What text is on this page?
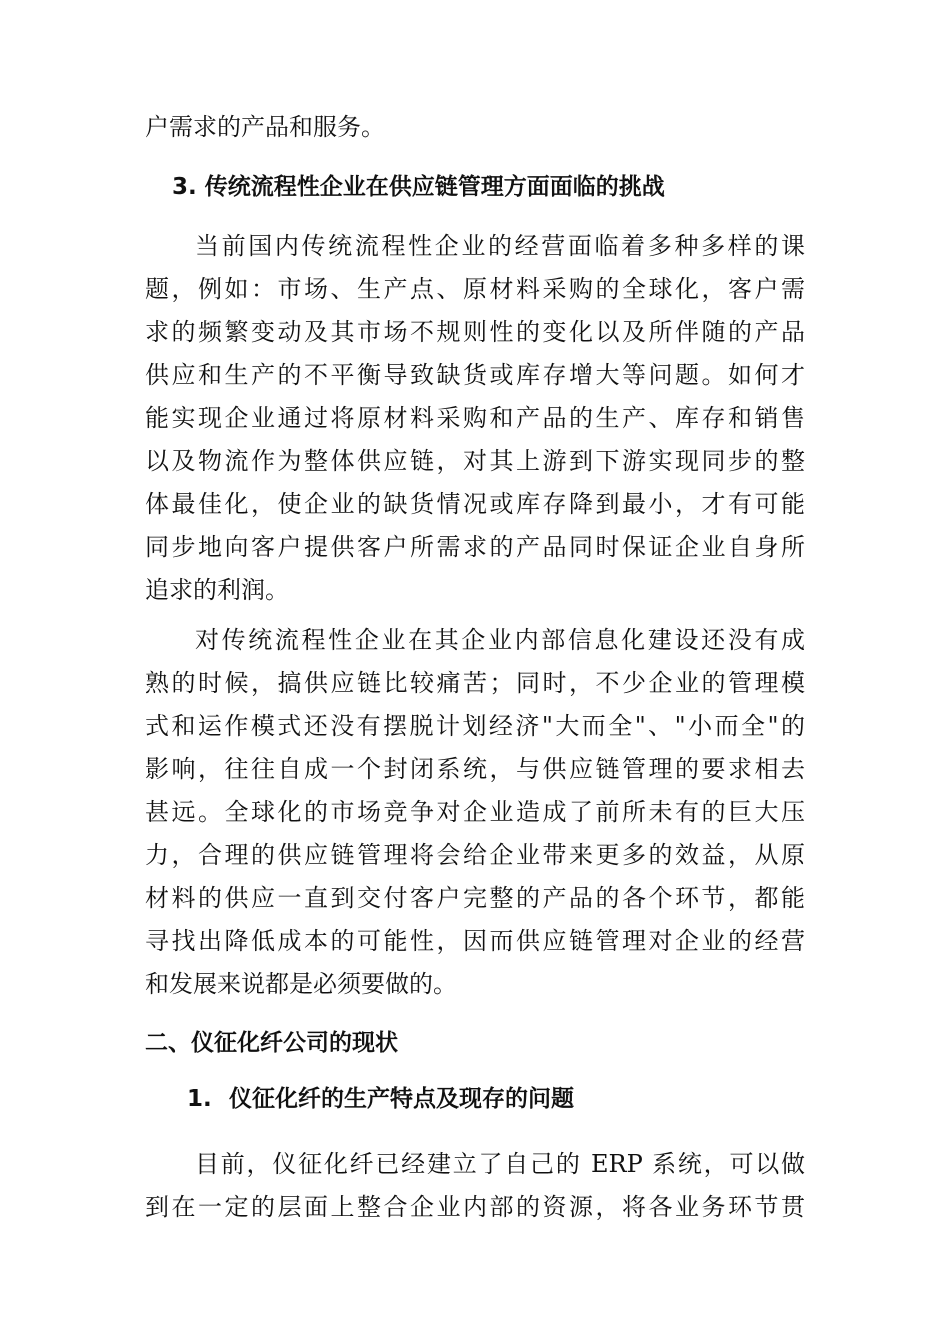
户需求的产品和服务。
3. 传统流程性企业在供应链管理方面面临的挑战
当前国内传统流程性企业的经营面临着多种多样的课
题，例如：市场、生产点、原材料采购的全球化，客户需
求的频繁变动及其市场不规则性的变化以及所伴随的产品
供应和生产的不平衡导致缺货或库存增大等问题。如何才
能实现企业通过将原材料采购和产品的生产、库存和销售
以及物流作为整体供应链，对其上游到下游实现同步的整
体最佳化，使企业的缺货情况或库存降到最小，才有可能
同步地向客户提供客户所需求的产品同时保证企业自身所
追求的利润。
对传统流程性企业在其企业内部信息化建设还没有成
熟的时候，搞供应链比较痛苦；同时，不少企业的管理模
式和运作模式还没有摆脱计划经济"大而全"、"小而全"的
影响，往往自成一个封闭系统，与供应链管理的要求相去
甚远。全球化的市场竞争对企业造成了前所未有的巨大压
力，合理的供应链管理将会给企业带来更多的效益，从原
材料的供应一直到交付客户完整的产品的各个环节，都能
寻找出降低成本的可能性，因而供应链管理对企业的经营
和发展来说都是必须要做的。
二、仪征化纤公司的现状
1. 仪征化纤的生产特点及现存的问题
目前，仪征化纤已经建立了自己的 ERP 系统，可以做
到在一定的层面上整合企业内部的资源，将各业务环节贯
